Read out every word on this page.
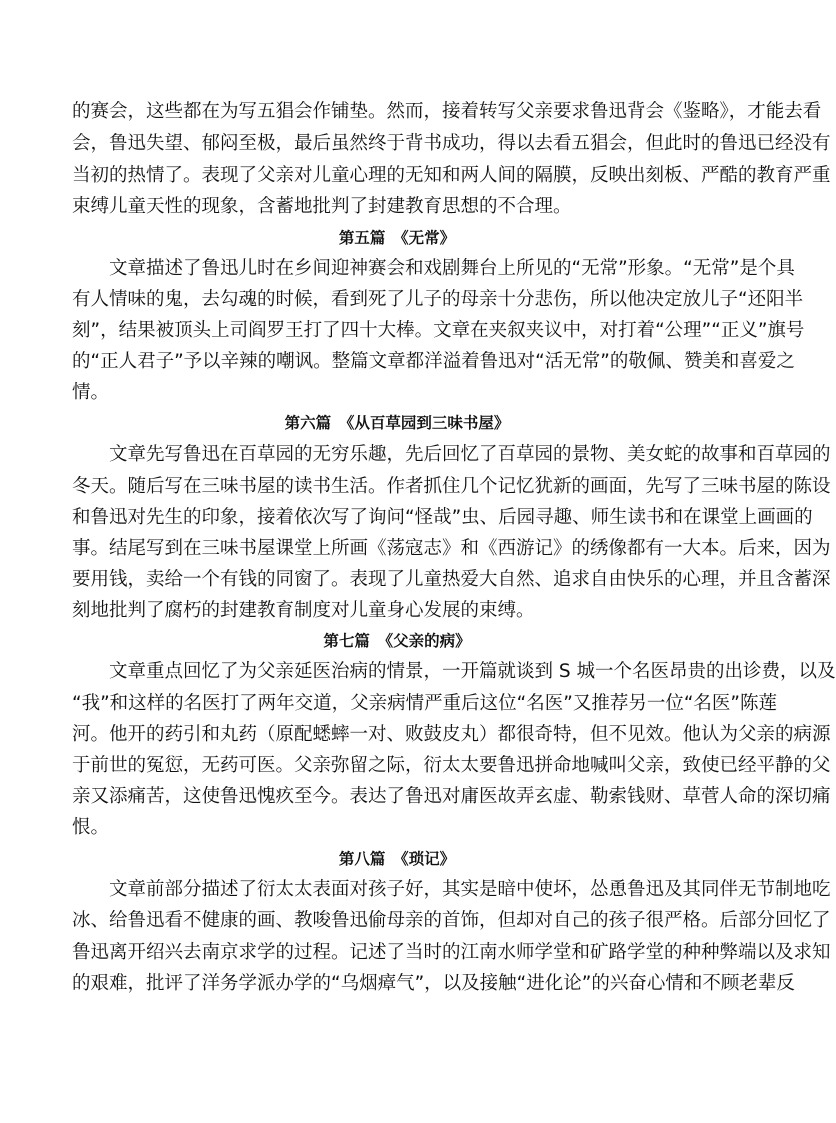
的赛会，这些都在为写五猖会作铺垫。然而，接着转写父亲要求鲁迅背会《鉴略》，才能去看
会，鲁迅失望、郁闷至极，最后虽然终于背书成功，得以去看五猖会，但此时的鲁迅已经没有
当初的热情了。表现了父亲对儿童心理的无知和两人间的隔膜，反映出刻板、严酷的教育严重
束缚儿童天性的现象，含蓄地批判了封建教育思想的不合理。
第五篇　《无常》
文章描述了鲁迅儿时在乡间迎神赛会和戏剧舞台上所见的“无常”形象。“无常”是个具
有人情味的鬼，去勾魂的时候，看到死了儿子的母亲十分悲伤，所以他决定放儿子“还阳半
刻”，结果被顶头上司阎罗王打了四十大棒。文章在夹叙夹议中，对打着“公理”“正义”旗号
的“正人君子”予以辛辣的嘲讽。整篇文章都洋溢着鲁迅对“活无常”的敬佩、赞美和喜爱之
情。
第六篇　《从百草园到三味书屋》
文章先写鲁迅在百草园的无穷乐趣，先后回忆了百草园的景物、美女蛇的故事和百草园的
冬天。随后写在三味书屋的读书生活。作者抓住几个记忆犹新的画面，先写了三味书屋的陈设
和鲁迅对先生的印象，接着依次写了询问“怪哉”虫、后园寻趣、师生读书和在课堂上画画的
事。结尾写到在三味书屋课堂上所画《荡寇志》和《西游记》的绣像都有一大本。后来，因为
要用钱，卖给一个有钱的同窗了。表现了儿童热爱大自然、追求自由快乐的心理，并且含蓄深
刻地批判了腐朽的封建教育制度对儿童身心发展的束缚。
第七篇　《父亲的病》
文章重点回忆了为父亲延医治病的情景，一开篇就谈到 S 城一个名医昂贵的出诊费，以及
“我”和这样的名医打了两年交道，父亲病情严重后这位“名医”又推荐另一位“名医”陈莲
河。他开的药引和丸药（原配蟋蟀一对、败鼓皮丸）都很奇特，但不见效。他认为父亲的病源
于前世的冤愆，无药可医。父亲弥留之际，衍太太要鲁迅拼命地喊叫父亲，致使已经平静的父
亲又添痛苦，这使鲁迅愧疚至今。表达了鲁迅对庸医故弄玄虚、勒索钱财、草菅人命的深切痛
恨。
第八篇　《琐记》
文章前部分描述了衍太太表面对孩子好，其实是暗中使坏，怂恿鲁迅及其同伴无节制地吃
冰、给鲁迅看不健康的画、教唆鲁迅偷母亲的首饰，但却对自己的孩子很严格。后部分回忆了
鲁迅离开绍兴去南京求学的过程。记述了当时的江南水师学堂和矿路学堂的种种弊端以及求知
的艰难，批评了洋务学派办学的“乌烟瘴气”，以及接触“进化论”的兴奋心情和不顾老辈反
